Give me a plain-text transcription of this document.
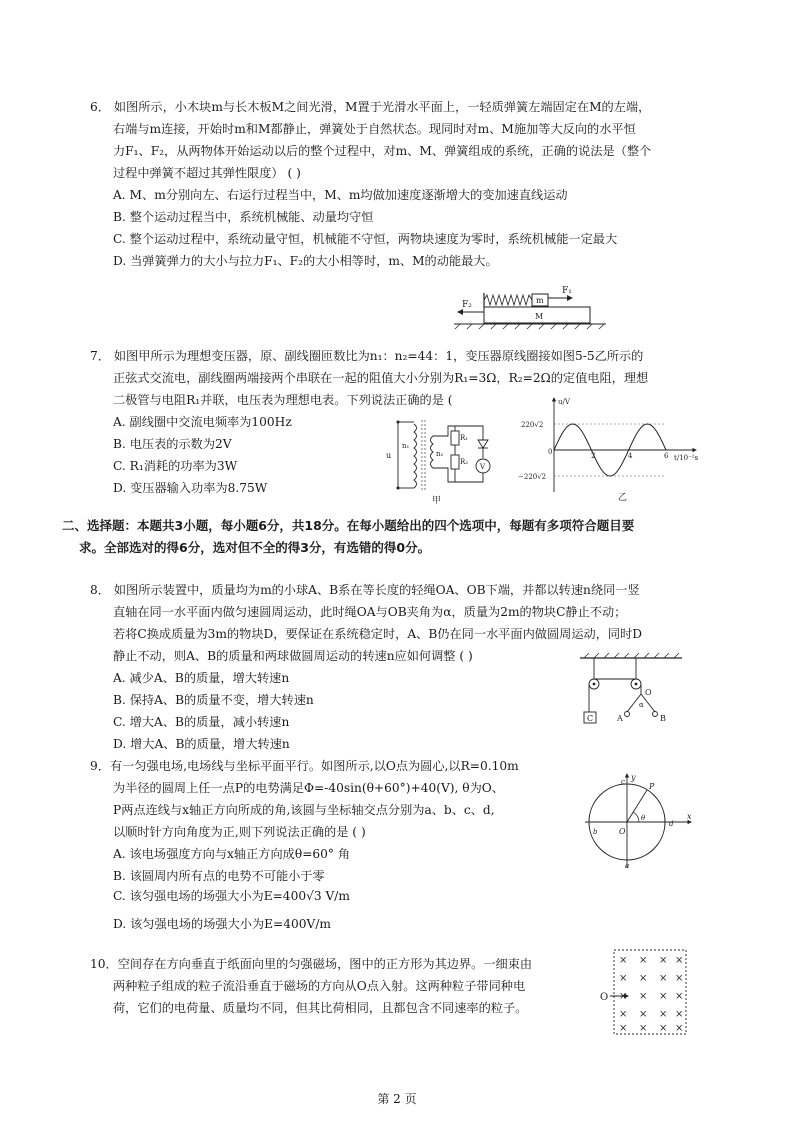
6． 如图所示，小木块m与长木板M之间光滑，M置于光滑水平面上，一轻质弹簧左端固定在M的左端，
右端与m连接，开始时m和M都静止，弹簧处于自然状态。现同时对m、M施加等大反向的水平恒
力F₁、F₂，从两物体开始运动以后的整个过程中，对m、M、弹簧组成的系统，正确的说法是（整个
过程中弹簧不超过其弹性限度） ( )
A. M、m分别向左、右运行过程当中，M、m均做加速度逐渐增大的变加速直线运动
B. 整个运动过程当中，系统机械能、动量均守恒
C. 整个运动过程中，系统动量守恒，机械能不守恒，两物块速度为零时，系统机械能一定最大
D. 当弹簧弹力的大小与拉力F₁、F₂的大小相等时，m、M的动能最大。
M
m
F₁
F₂
7． 如图甲所示为理想变压器，原、副线圈匝数比为n₁：n₂=44：1，变压器原线圈接如图5-5乙所示的
正弦式交流电，副线圈两端接两个串联在一起的阻值大小分别为R₁=3Ω，R₂=2Ω的定值电阻，理想
二极管与电阻R₁并联，电压表为理想电表。下列说法正确的是 (
A. 副线圈中交流电频率为100Hz
B. 电压表的示数为2V
C. R₁消耗的功率为3W
D. 变压器输入功率为8.75W
u
n₁
n₂
R₁
R₂
V
甲
u/V
t/10⁻²s
220√2
−220√2
0	2	4	6
乙
二、选择题：本题共3小题，每小题6分，共18分。在每小题给出的四个选项中，每题有多项符合题目要
求。全部选对的得6分，选对但不全的得3分，有选错的得0分。
8． 如图所示装置中，质量均为m的小球A、B系在等长度的轻绳OA、OB下端，并都以转速n绕同一竖
直轴在同一水平面内做匀速圆周运动，此时绳OA与OB夹角为α，质量为2m的物块C静止不动；
若将C换成质量为3m的物块D，要保证在系统稳定时，A、B仍在同一水平面内做圆周运动，同时D
静止不动，则A、B的质量和两球做圆周运动的转速n应如何调整 ( )
A. 减少A、B的质量，增大转速n
B. 保持A、B的质量不变，增大转速n
C. 增大A、B的质量，减小转速n
D. 增大A、B的质量，增大转速n
C
O
α
A	B
9．有一匀强电场,电场线与坐标平面平行。如图所示,以O点为圆心,以R=0.10m
为半径的圆周上任一点P的电势满足Φ=-40sin(θ+60°)+40(V), θ为O、
P两点连线与x轴正方向所成的角,该圆与坐标轴交点分别为a、b、c、d,
以顺时针方向角度为正,则下列说法正确的是 ( )
A. 该电场强度方向与x轴正方向成θ=60° 角
B. 该圆周内所有点的电势不可能小于零
C. 该匀强电场的场强大小为E=400√3 V/m
D. 该匀强电场的场强大小为E=400V/m
x
y
O
P
θ
a
b
c
d
10．空间存在方向垂直于纸面向里的匀强磁场，图中的正方形为其边界。一细束由
两种粒子组成的粒子流沿垂直于磁场的方向从O点入射。这两种粒子带同种电
荷，它们的电荷量、质量均不同，但其比荷相同，且都包含不同速率的粒子。
× × × ×
× × × ×
× × × ×
× × × ×
× × × ×
O
第 2 页
